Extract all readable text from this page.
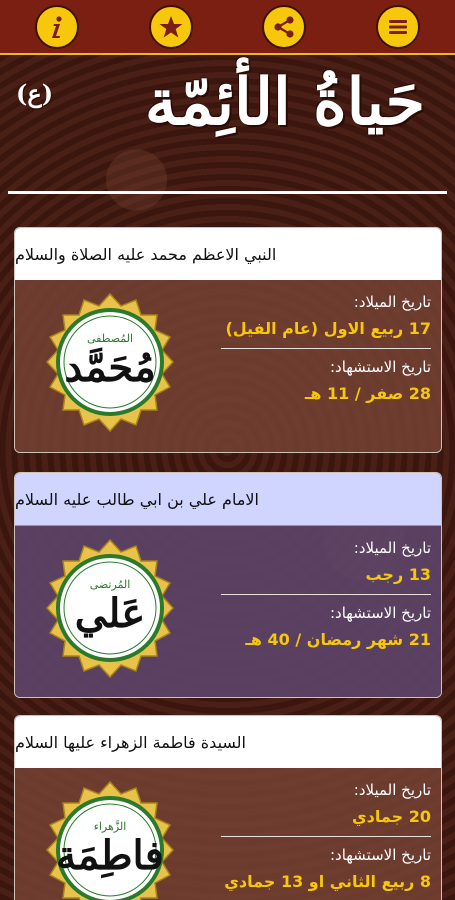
(ع) حَياةُ الأئِمّة
النبي الاعظم محمد عليه الصلاة والسلام
المُصطفى
مُحَمَّد
تاريخ الميلاد:
17 ربيع الاول (عام الفيل)
تاريخ الاستشهاد:
28 صفر / 11 هـ
الامام علي بن ابي طالب عليه السلام
المُرتضى
عَلي
تاريخ الميلاد:
13 رجب
تاريخ الاستشهاد:
21 شهر رمضان / 40 هـ
السيدة فاطمة الزهراء عليها السلام
الزَّهراء
فاطِمَة
تاريخ الميلاد:
20 جمادي
تاريخ الاستشهاد:
8 ربيع الثاني او 13 جمادي
